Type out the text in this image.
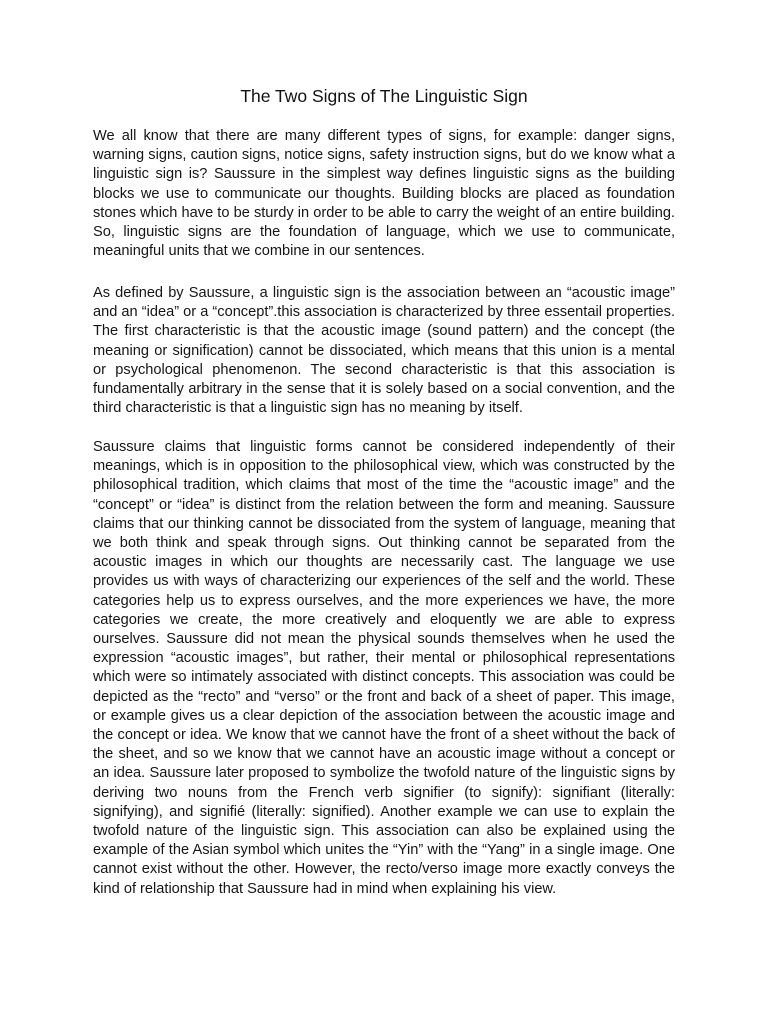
The Two Signs of The Linguistic Sign

We all know that there are many different types of signs, for example: danger signs, warning signs, caution signs, notice signs, safety instruction signs, but do we know what a linguistic sign is? Saussure in the simplest way defines linguistic signs as the building blocks we use to communicate our thoughts. Building blocks are placed as foundation stones which have to be sturdy in order to be able to carry the weight of an entire building. So, linguistic signs are the foundation of language, which we use to communicate, meaningful units that we combine in our sentences.

As defined by Saussure, a linguistic sign is the association between an “acoustic image” and an “idea” or a “concept”.this association is characterized by three essentail properties. The first characteristic is that the acoustic image (sound pattern) and the concept (the meaning or signification) cannot be dissociated, which means that this union is a mental or psychological phenomenon. The second characteristic is that this association is fundamentally arbitrary in the sense that it is solely based on a social convention, and the third characteristic is that a linguistic sign has no meaning by itself.

Saussure claims that linguistic forms cannot be considered independently of their meanings, which is in opposition to the philosophical view, which was constructed by the philosophical tradition, which claims that most of the time the “acoustic image” and the “concept” or “idea” is distinct from the relation between the form and meaning. Saussure claims that our thinking cannot be dissociated from the system of language, meaning that we both think and speak through signs. Out thinking cannot be separated from the acoustic images in which our thoughts are necessarily cast. The language we use provides us with ways of characterizing our experiences of the self and the world. These categories help us to express ourselves, and the more experiences we have, the more categories we create, the more creatively and eloquently we are able to express ourselves. Saussure did not mean the physical sounds themselves when he used the expression “acoustic images”, but rather, their mental or philosophical representations which were so intimately associated with distinct concepts. This association was could be depicted as the “recto” and “verso” or the front and back of a sheet of paper. This image, or example gives us a clear depiction of the association between the acoustic image and the concept or idea. We know that we cannot have the front of a sheet without the back of the sheet, and so we know that we cannot have an acoustic image without a concept or an idea. Saussure later proposed to symbolize the twofold nature of the linguistic signs by deriving two nouns from the French verb signifier (to signify): signifiant (literally: signifying), and signifié (literally: signified). Another example we can use to explain the twofold nature of the linguistic sign. This association can also be explained using the example of the Asian symbol which unites the “Yin” with the “Yang” in a single image. One cannot exist without the other. However, the recto/verso image more exactly conveys the kind of relationship that Saussure had in mind when explaining his view.
